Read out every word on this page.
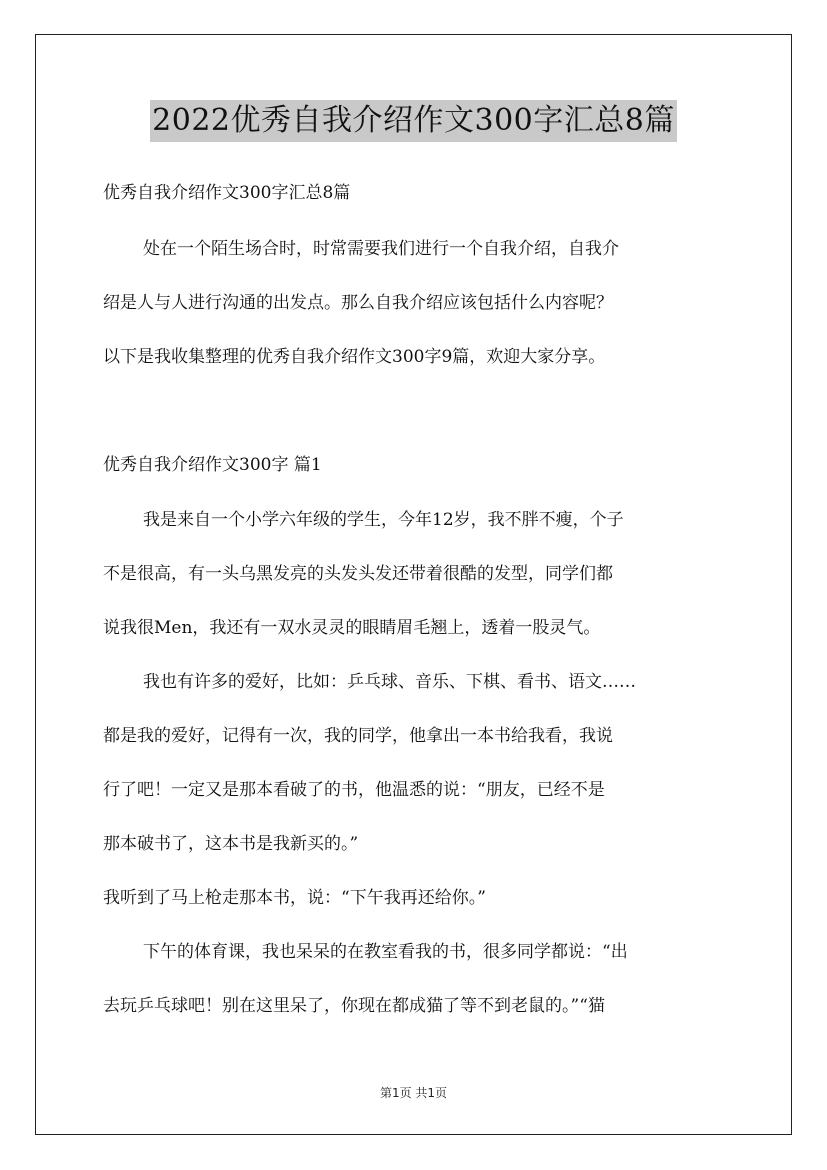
2022优秀自我介绍作文300字汇总8篇

优秀自我介绍作文300字汇总8篇

处在一个陌生场合时，时常需要我们进行一个自我介绍，自我介

绍是人与人进行沟通的出发点。那么自我介绍应该包括什么内容呢？

以下是我收集整理的优秀自我介绍作文300字9篇，欢迎大家分享。

优秀自我介绍作文300字 篇1

我是来自一个小学六年级的学生，今年12岁，我不胖不瘦，个子

不是很高，有一头乌黑发亮的头发头发还带着很酷的发型，同学们都

说我很Men，我还有一双水灵灵的眼睛眉毛翘上，透着一股灵气。

我也有许多的爱好，比如：乒乓球、音乐、下棋、看书、语文……

都是我的爱好，记得有一次，我的同学，他拿出一本书给我看，我说

行了吧！一定又是那本看破了的书，他温悉的说：“朋友，已经不是

那本破书了，这本书是我新买的。”

我听到了马上枪走那本书，说：“下午我再还给你。”

下午的体育课，我也呆呆的在教室看我的书，很多同学都说：“出

去玩乒乓球吧！别在这里呆了，你现在都成猫了等不到老鼠的。”“猫

第1页 共1页
